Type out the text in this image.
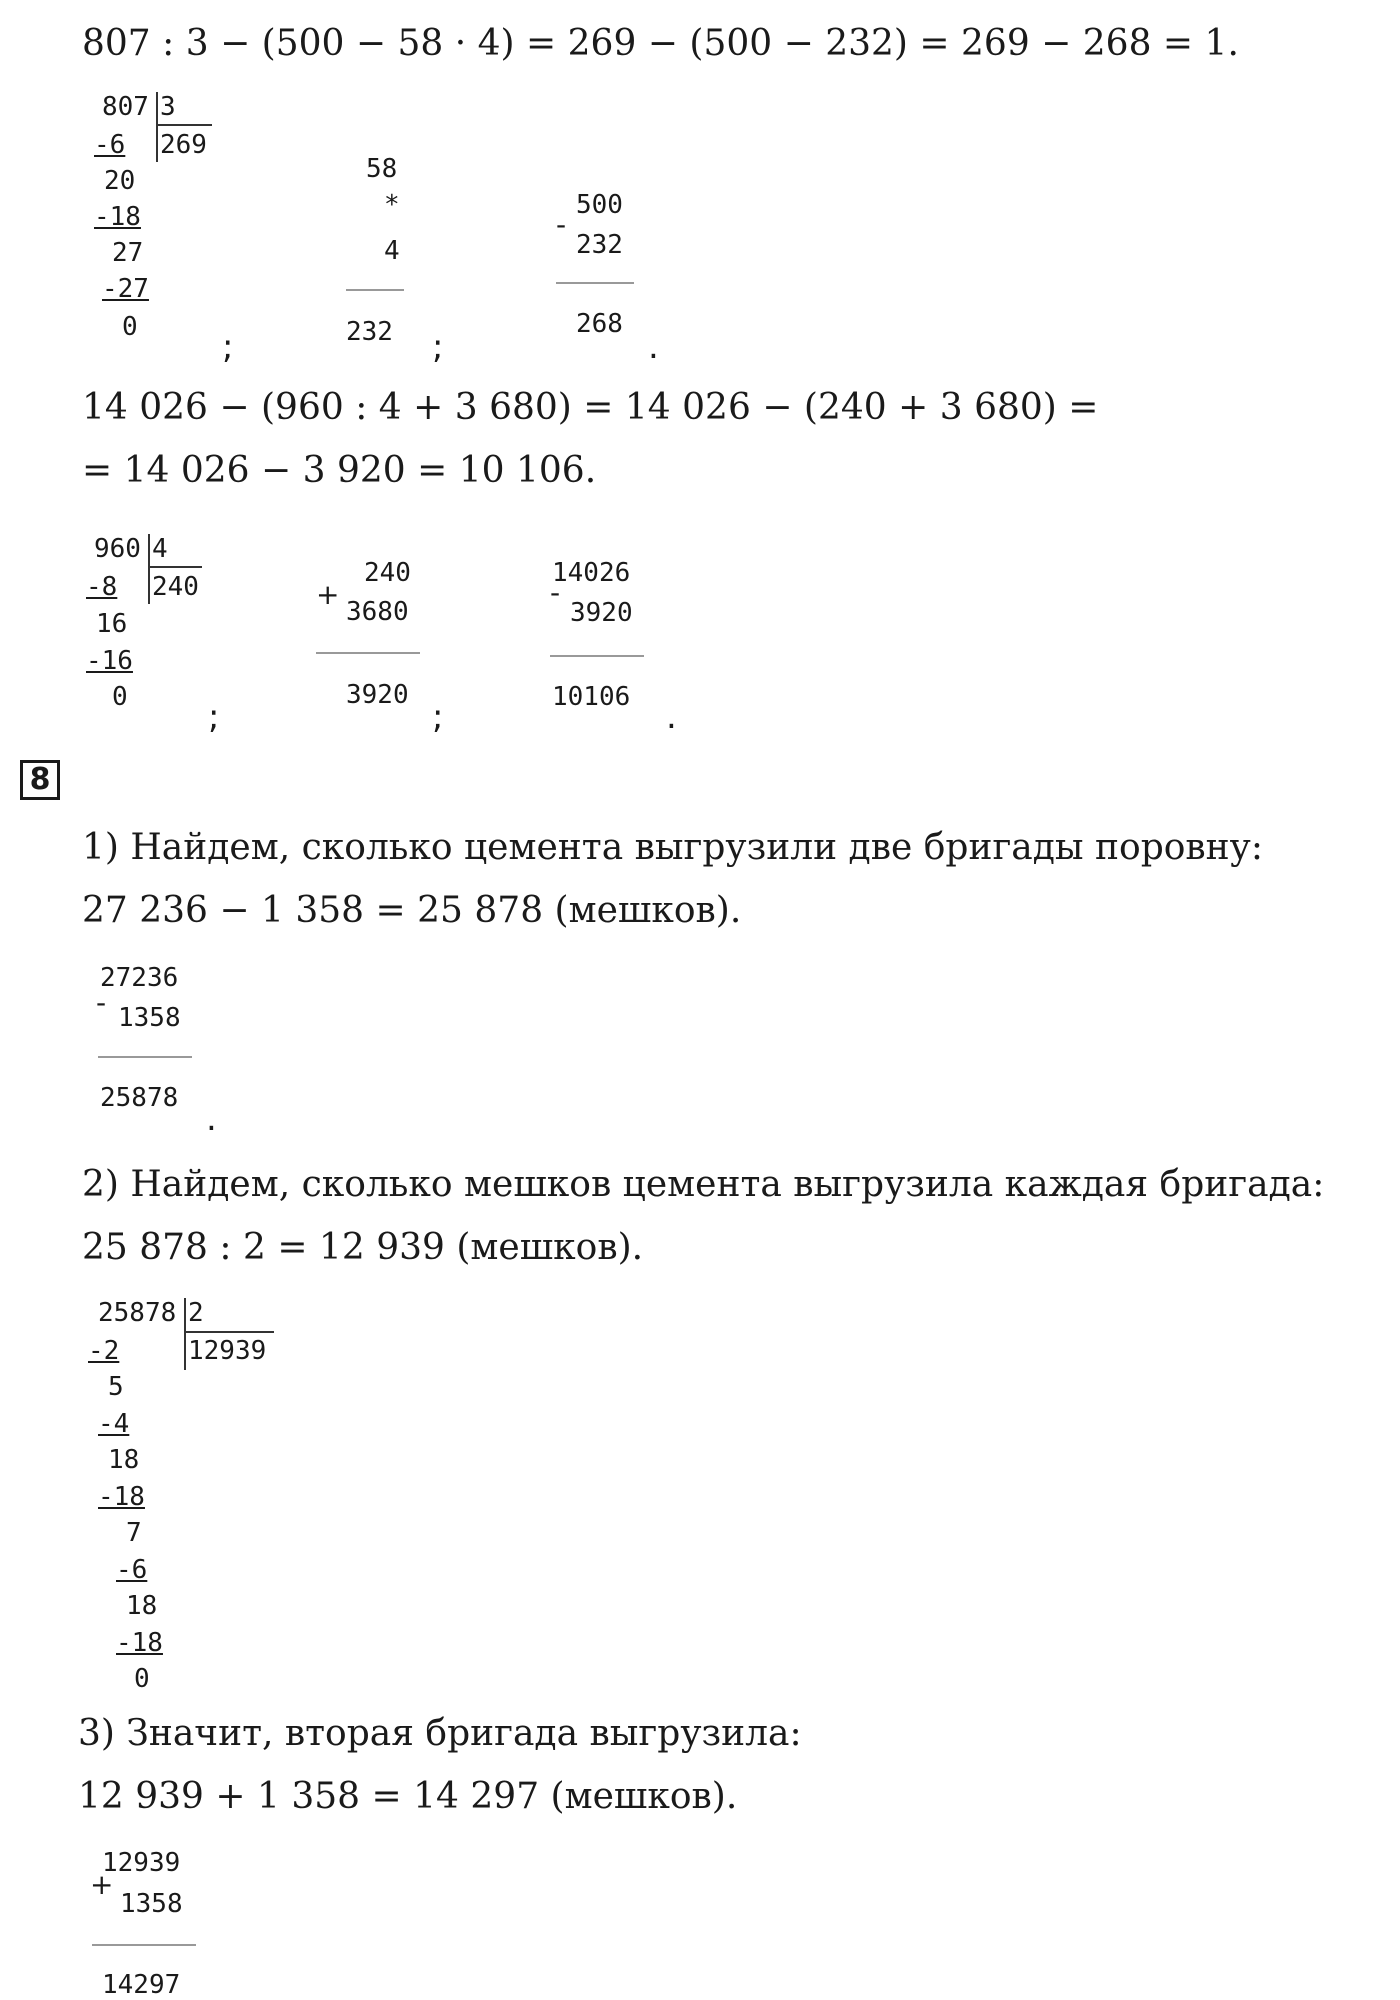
807 : 3 − (500 − 58 · 4) = 269 − (500 − 232) = 269 − 268 = 1.
807 3
269
-6
20
-18
27
-27
0 ;
58
*
4
232 ;
-
500
232
268
.
14 026 − (960 : 4 + 3 680) = 14 026 − (240 + 3 680) =
= 14 026 − 3 920 = 10 106.
960 4
240
-8
16
-16
0 ;
+
240
3680
3920
;
-
14026
3920
10106 .
8
1) Найдем, сколько цемента выгрузили две бригады поровну:
27 236 − 1 358 = 25 878 (мешков).
-
27236
1358
25878
.
2) Найдем, сколько мешков цемента выгрузила каждая бригада:
25 878 : 2 = 12 939 (мешков).
25878 2
12939
-2
5
-4
18
-18
7
-6
18
-18
0
3) Значит, вторая бригада выгрузила:
12 939 + 1 358 = 14 297 (мешков).
+
12939
1358
14297
